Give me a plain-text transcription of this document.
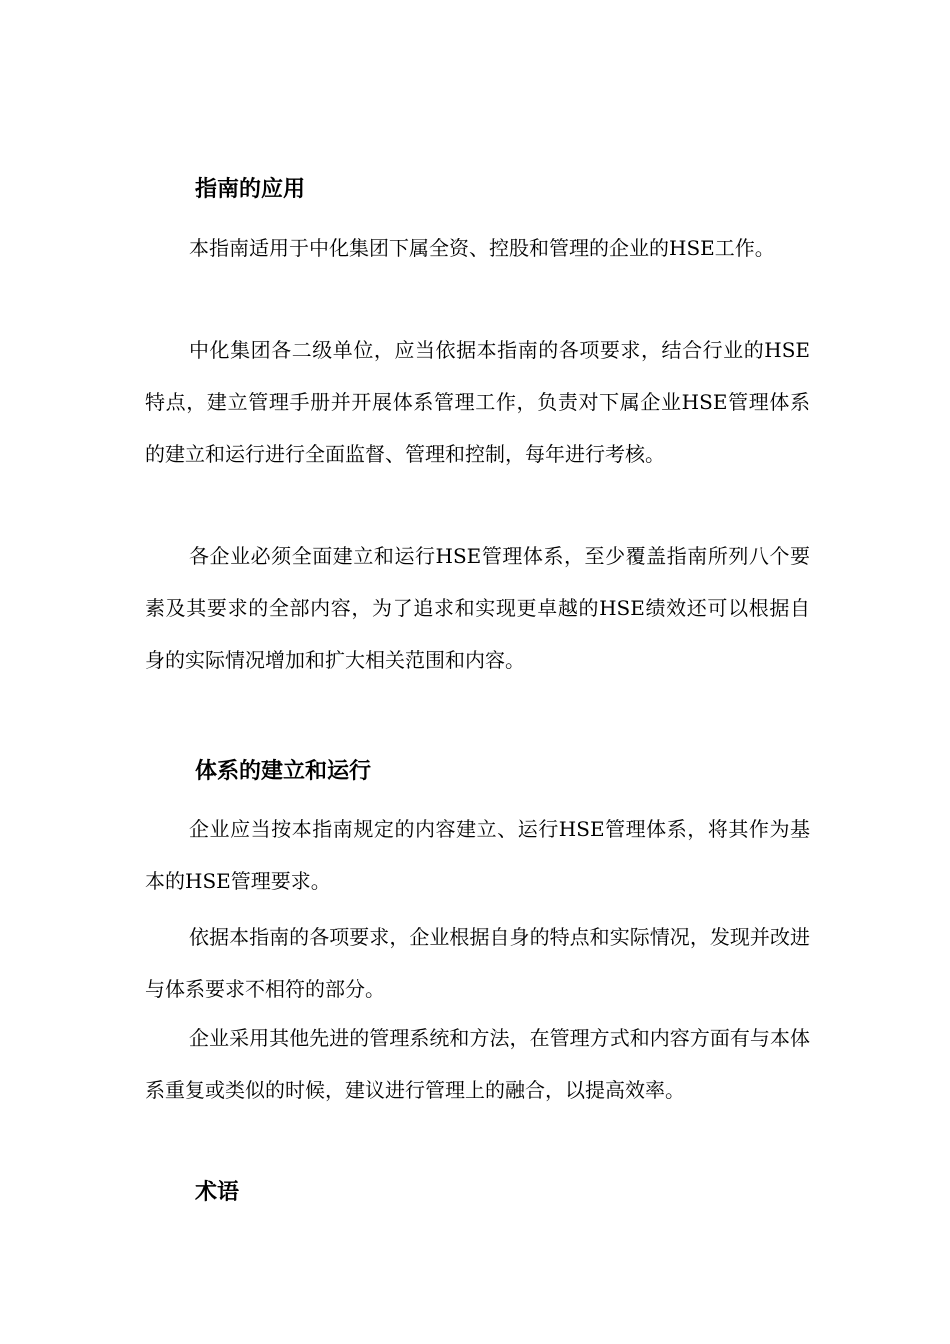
指南的应用

本指南适用于中化集团下属全资、控股和管理的企业的HSE工作。

中化集团各二级单位，应当依据本指南的各项要求，结合行业的HSE特点，建立管理手册并开展体系管理工作，负责对下属企业HSE管理体系的建立和运行进行全面监督、管理和控制，每年进行考核。

各企业必须全面建立和运行HSE管理体系，至少覆盖指南所列八个要素及其要求的全部内容，为了追求和实现更卓越的HSE绩效还可以根据自身的实际情况增加和扩大相关范围和内容。

体系的建立和运行

企业应当按本指南规定的内容建立、运行HSE管理体系，将其作为基本的HSE管理要求。

依据本指南的各项要求，企业根据自身的特点和实际情况，发现并改进与体系要求不相符的部分。

企业采用其他先进的管理系统和方法，在管理方式和内容方面有与本体系重复或类似的时候，建议进行管理上的融合，以提高效率。

术语
